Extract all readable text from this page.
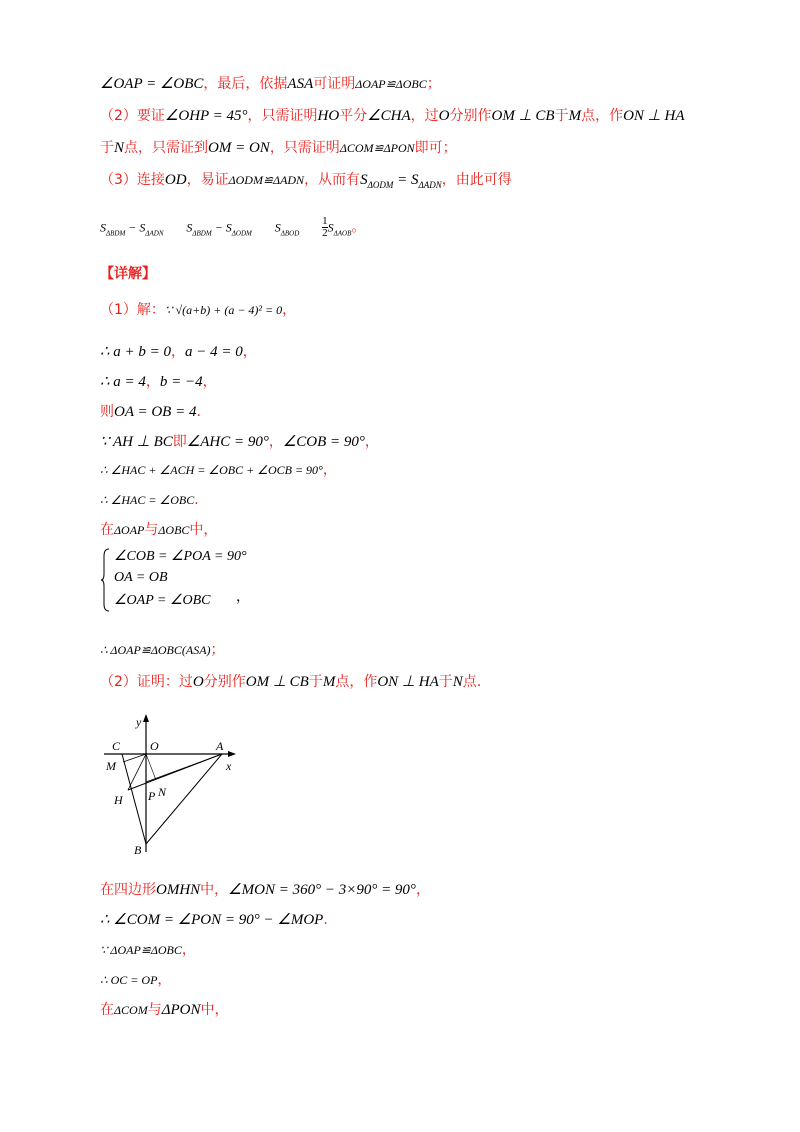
∠OAP = ∠OBC，最后，依据ASA可证明ΔOAP≌ΔOBC；
（2）要证∠OHP = 45°，只需证明HO平分∠CHA，过O分别作OM ⊥ CB于M点，作ON ⊥ HA
于N点，只需证到OM = ON，只需证明ΔCOM≌ΔPON即可；
（3）连接OD，易证ΔODM≌ΔADN，从而有$S_{\Delta ODM} = S_{\Delta ADN}$，由此可得
$S_{\Delta BDM} - S_{\Delta ADN}$ $S_{\Delta BDM} - S_{\Delta ODM}$ $S_{\Delta BOD} \frac{1}{2} S_{\Delta AOB}$。
【详解】
（1）解：∵ √(a+b) + (a − 4)² = 0，
∴ a + b = 0，a − 4 = 0，
∴ a = 4，b = −4，
则OA = OB = 4.
∵ AH ⊥ BC即∠AHC = 90°，∠COB = 90°，
∴ ∠HAC + ∠ACH = ∠OBC + ∠OCB = 90°，
∴ ∠HAC = ∠OBC.
在ΔOAP与ΔOBC中，
∠COB = ∠POA = 90°
OA = OB
∠OAP = ∠OBC ，
∴ ΔOAP≌ΔOBC(ASA)；
（2）证明：过O分别作OM ⊥ CB于M点，作ON ⊥ HA于N点.
y
x
C O	A
M
H P N
B
在四边形OMHN中，∠MON = 360° − 3×90° = 90°，
∴ ∠COM = ∠PON = 90° − ∠MOP.
∵ ΔOAP≌ΔOBC，
∴ OC = OP，
在ΔCOM与ΔPON中，
